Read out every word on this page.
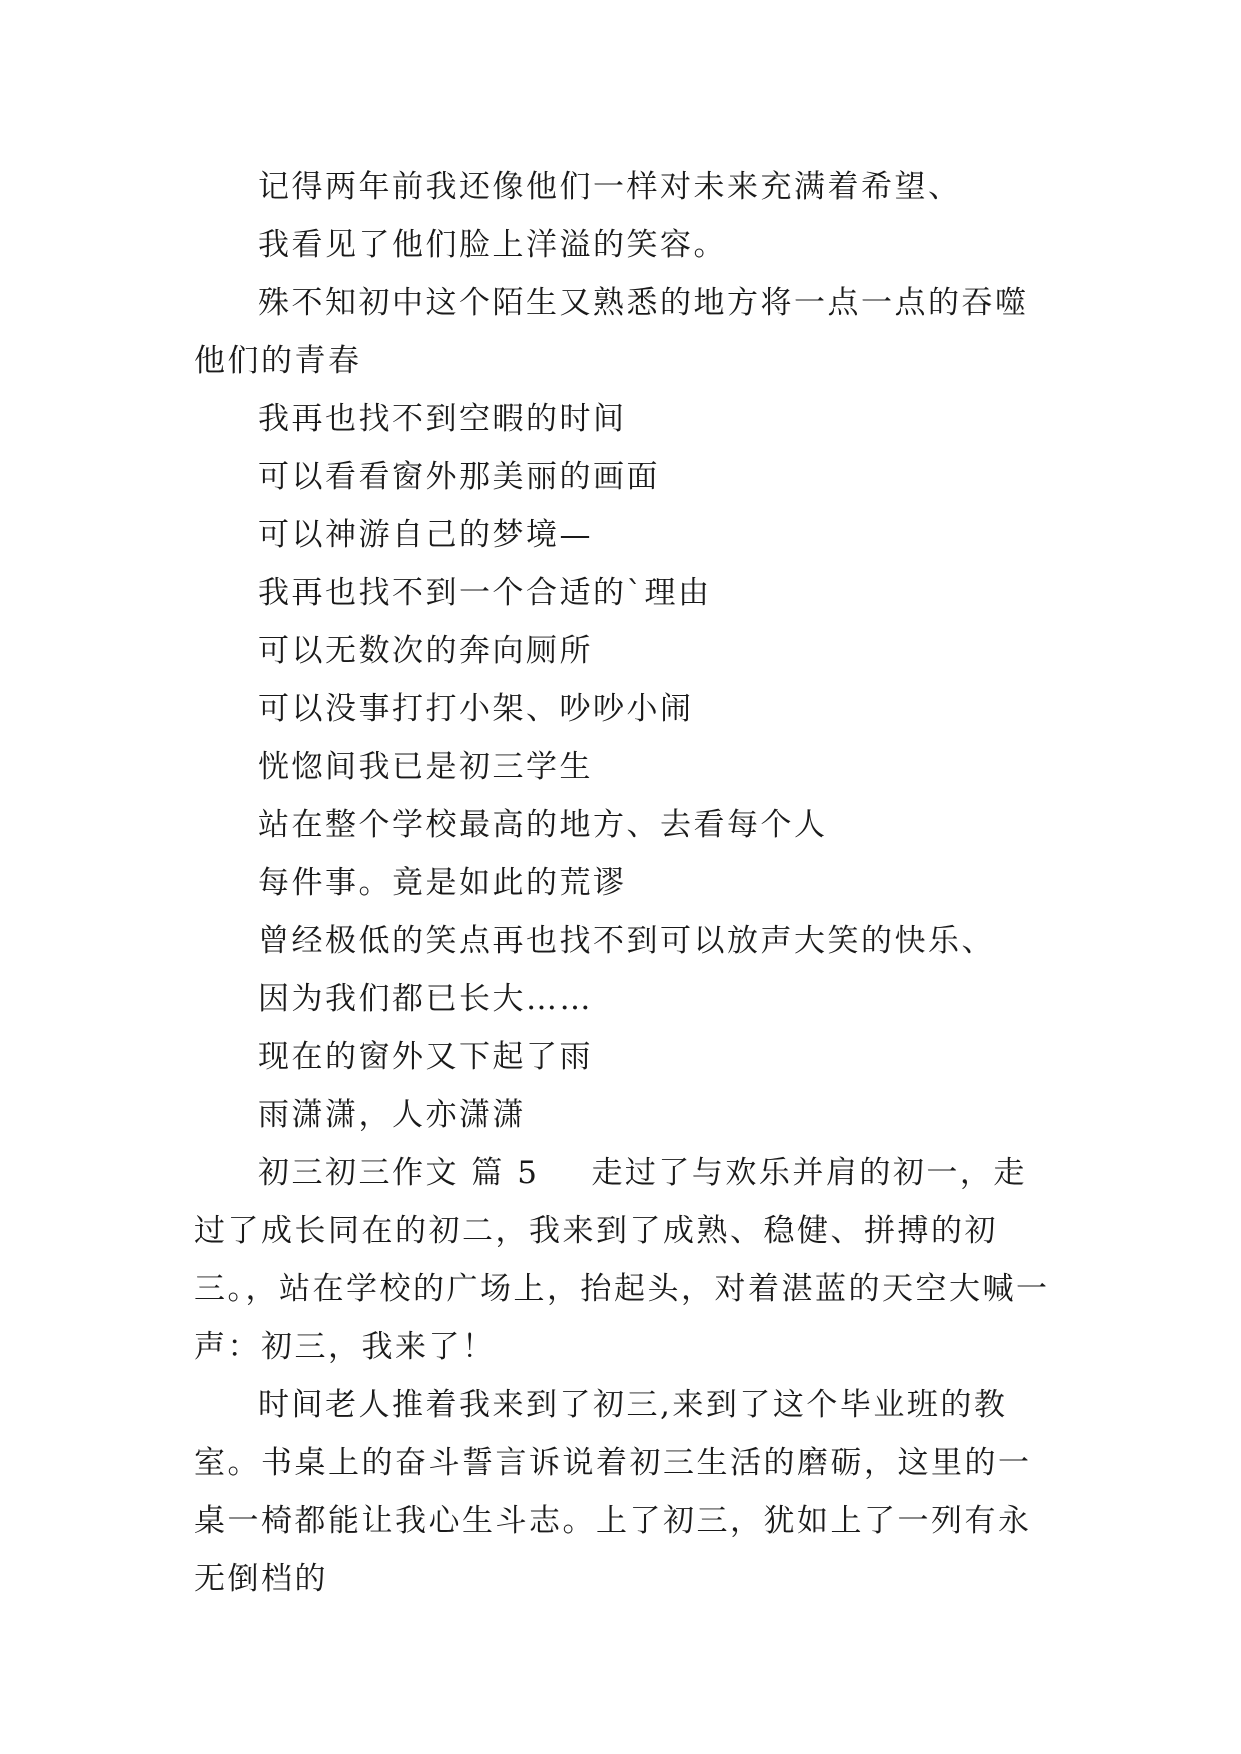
记得两年前我还像他们一样对未来充满着希望、

我看见了他们脸上洋溢的笑容。

殊不知初中这个陌生又熟悉的地方将一点一点的吞噬他们的青春

我再也找不到空暇的时间

可以看看窗外那美丽的画面

可以神游自己的梦境—

我再也找不到一个合适的`理由

可以无数次的奔向厕所

可以没事打打小架、吵吵小闹

恍惚间我已是初三学生

站在整个学校最高的地方、去看每个人

每件事。竟是如此的荒谬

曾经极低的笑点再也找不到可以放声大笑的快乐、

因为我们都已长大……

现在的窗外又下起了雨

雨潇潇，人亦潇潇

初三初三作文 篇 5 走过了与欢乐并肩的初一，走过了成长同在的初二，我来到了成熟、稳健、拼搏的初三。，站在学校的广场上，抬起头，对着湛蓝的天空大喊一声：初三，我来了！

时间老人推着我来到了初三,来到了这个毕业班的教室。书桌上的奋斗誓言诉说着初三生活的磨砺，这里的一桌一椅都能让我心生斗志。上了初三，犹如上了一列有永无倒档的
